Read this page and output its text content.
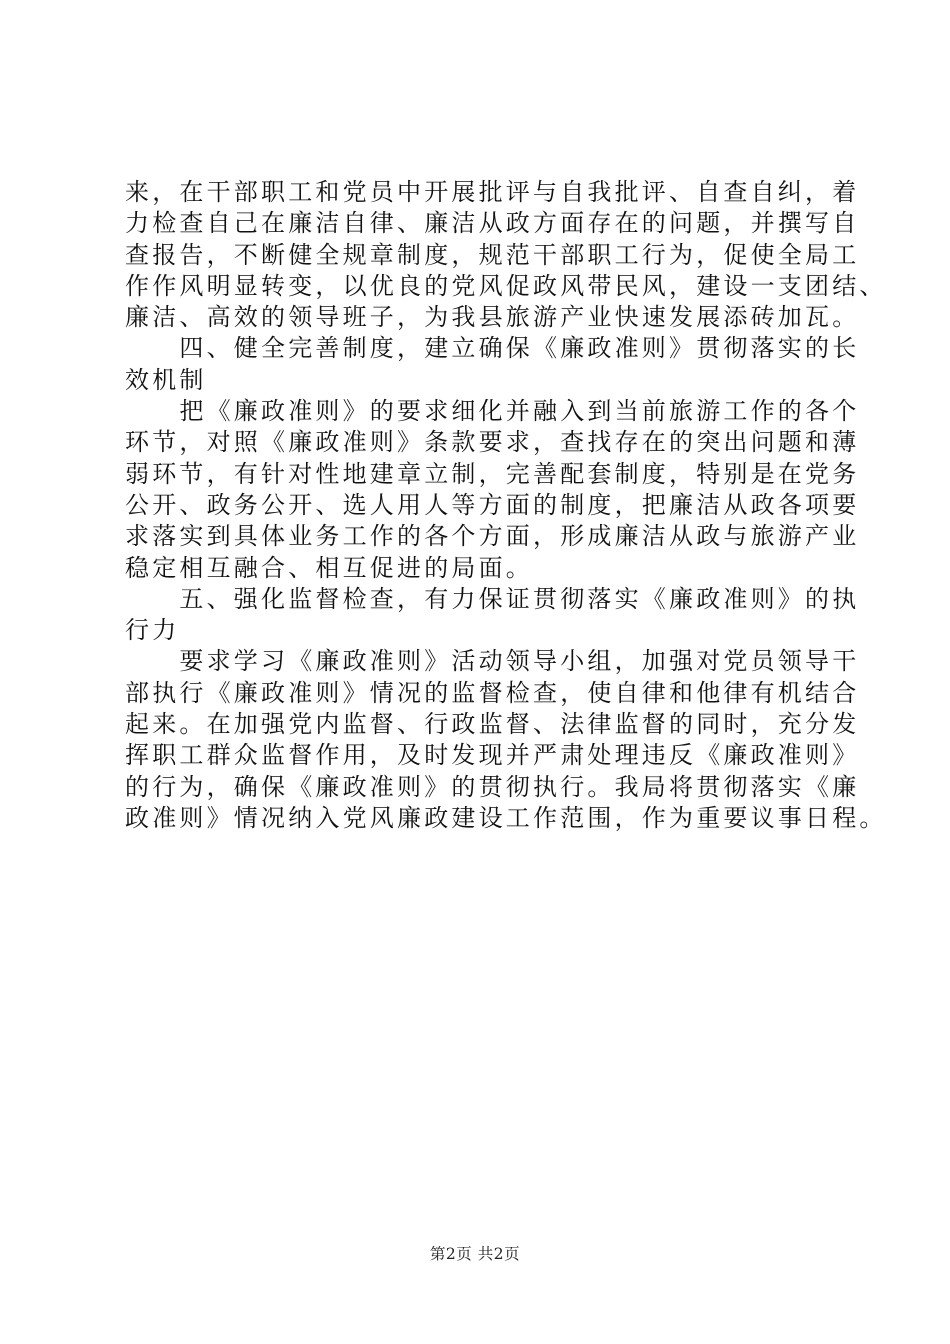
来，在干部职工和党员中开展批评与自我批评、自查自纠，着
力检查自己在廉洁自律、廉洁从政方面存在的问题，并撰写自
查报告，不断健全规章制度，规范干部职工行为，促使全局工
作作风明显转变，以优良的党风促政风带民风，建设一支团结、
廉洁、高效的领导班子，为我县旅游产业快速发展添砖加瓦。
　　四、健全完善制度，建立确保《廉政准则》贯彻落实的长
效机制
　　把《廉政准则》的要求细化并融入到当前旅游工作的各个
环节，对照《廉政准则》条款要求，查找存在的突出问题和薄
弱环节，有针对性地建章立制，完善配套制度，特别是在党务
公开、政务公开、选人用人等方面的制度，把廉洁从政各项要
求落实到具体业务工作的各个方面，形成廉洁从政与旅游产业
稳定相互融合、相互促进的局面。
　　五、强化监督检查，有力保证贯彻落实《廉政准则》的执
行力
　　要求学习《廉政准则》活动领导小组，加强对党员领导干
部执行《廉政准则》情况的监督检查，使自律和他律有机结合
起来。在加强党内监督、行政监督、法律监督的同时，充分发
挥职工群众监督作用，及时发现并严肃处理违反《廉政准则》
的行为，确保《廉政准则》的贯彻执行。我局将贯彻落实《廉
政准则》情况纳入党风廉政建设工作范围，作为重要议事日程。
第2页 共2页
